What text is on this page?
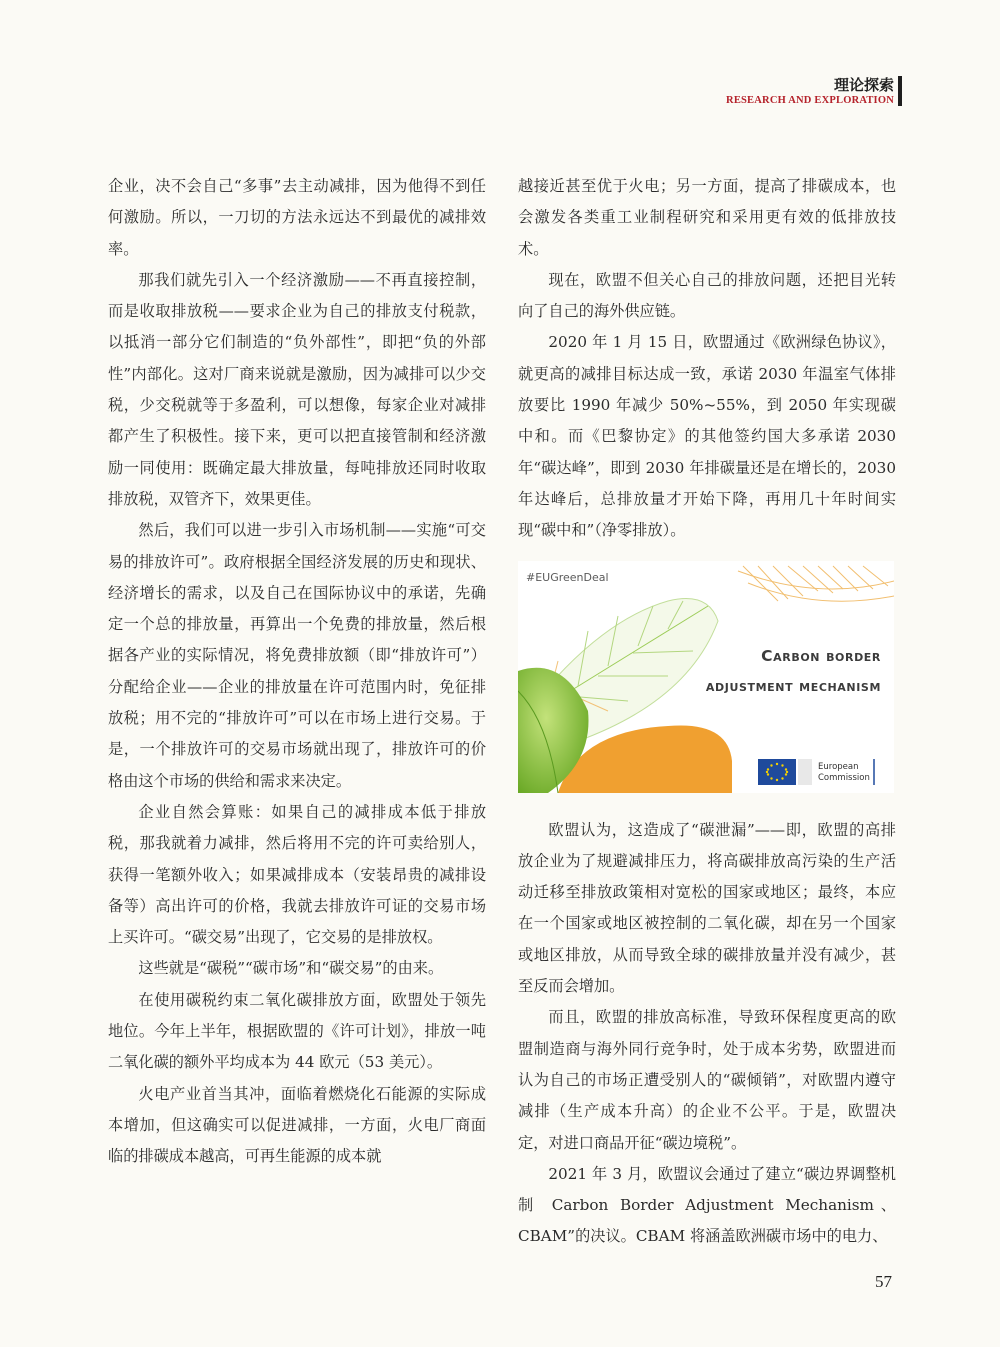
理论探索
RESEARCH AND EXPLORATION

企业，决不会自己“多事”去主动减排，因为他得不到任何激励。所以，一刀切的方法永远达不到最优的减排效率。

那我们就先引入一个经济激励——不再直接控制，而是收取排放税——要求企业为自己的排放支付税款，以抵消一部分它们制造的“负外部性”，即把“负的外部性”内部化。这对厂商来说就是激励，因为减排可以少交税，少交税就等于多盈利，可以想像，每家企业对减排都产生了积极性。接下来，更可以把直接管制和经济激励一同使用：既确定最大排放量，每吨排放还同时收取排放税，双管齐下，效果更佳。

然后，我们可以进一步引入市场机制——实施“可交易的排放许可”。政府根据全国经济发展的历史和现状、经济增长的需求，以及自己在国际协议中的承诺，先确定一个总的排放量，再算出一个免费的排放量，然后根据各产业的实际情况，将免费排放额（即“排放许可”）分配给企业——企业的排放量在许可范围内时，免征排放税；用不完的“排放许可”可以在市场上进行交易。于是，一个排放许可的交易市场就出现了，排放许可的价格由这个市场的供给和需求来决定。

企业自然会算账：如果自己的减排成本低于排放税，那我就着力减排，然后将用不完的许可卖给别人，获得一笔额外收入；如果减排成本（安装昂贵的减排设备等）高出许可的价格，我就去排放许可证的交易市场上买许可。“碳交易”出现了，它交易的是排放权。

这些就是“碳税”“碳市场”和“碳交易”的由来。

在使用碳税约束二氧化碳排放方面，欧盟处于领先地位。今年上半年，根据欧盟的《许可计划》，排放一吨二氧化碳的额外平均成本为 44 欧元（53 美元）。

火电产业首当其冲，面临着燃烧化石能源的实际成本增加，但这确实可以促进减排，一方面，火电厂商面临的排碳成本越高，可再生能源的成本就

越接近甚至优于火电；另一方面，提高了排碳成本，也会激发各类重工业制程研究和采用更有效的低排放技术。

现在，欧盟不但关心自己的排放问题，还把目光转向了自己的海外供应链。

2020 年 1 月 15 日，欧盟通过《欧洲绿色协议》，就更高的减排目标达成一致，承诺 2030 年温室气体排放要比 1990 年减少 50%~55%，到 2050 年实现碳中和。而《巴黎协定》的其他签约国大多承诺 2030 年“碳达峰”，即到 2030 年排碳量还是在增长的，2030 年达峰后，总排放量才开始下降，再用几十年时间实现“碳中和”（净零排放）。

#EUGreenDeal
Carbon border
adjustment mechanism
European
Commission

欧盟认为，这造成了“碳泄漏”——即，欧盟的高排放企业为了规避减排压力，将高碳排放高污染的生产活动迁移至排放政策相对宽松的国家或地区；最终，本应在一个国家或地区被控制的二氧化碳，却在另一个国家或地区排放，从而导致全球的碳排放量并没有减少，甚至反而会增加。

而且，欧盟的排放高标准，导致环保程度更高的欧盟制造商与海外同行竞争时，处于成本劣势，欧盟进而认为自己的市场正遭受别人的“碳倾销”，对欧盟内遵守减排（生产成本升高）的企业不公平。于是，欧盟决定，对进口商品开征“碳边境税”。

2021 年 3 月，欧盟议会通过了建立“碳边界调整机制 Carbon Border Adjustment Mechanism、CBAM”的决议。CBAM 将涵盖欧洲碳市场中的电力、

57
